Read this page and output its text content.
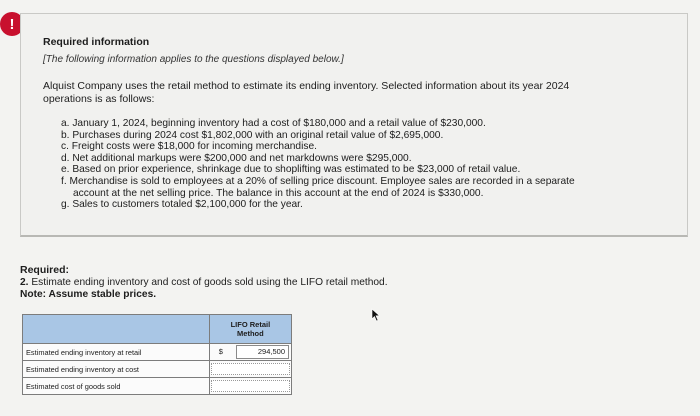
!

Required information

[The following information applies to the questions displayed below.]

Alquist Company uses the retail method to estimate its ending inventory. Selected information about its year 2024 operations is as follows:

a. January 1, 2024, beginning inventory had a cost of $180,000 and a retail value of $230,000.
b. Purchases during 2024 cost $1,802,000 with an original retail value of $2,695,000.
c. Freight costs were $18,000 for incoming merchandise.
d. Net additional markups were $200,000 and net markdowns were $295,000.
e. Based on prior experience, shrinkage due to shoplifting was estimated to be $23,000 of retail value.
f. Merchandise is sold to employees at a 20% of selling price discount. Employee sales are recorded in a separate
account at the net selling price. The balance in this account at the end of 2024 is $330,000.
g. Sales to customers totaled $2,100,000 for the year.

Required:

2. Estimate ending inventory and cost of goods sold using the LIFO retail method.

Note: Assume stable prices.

	LIFO Retail
Method
Estimated ending inventory at retail	$ 294,500

Estimated ending inventory at cost	

Estimated cost of goods sold	
